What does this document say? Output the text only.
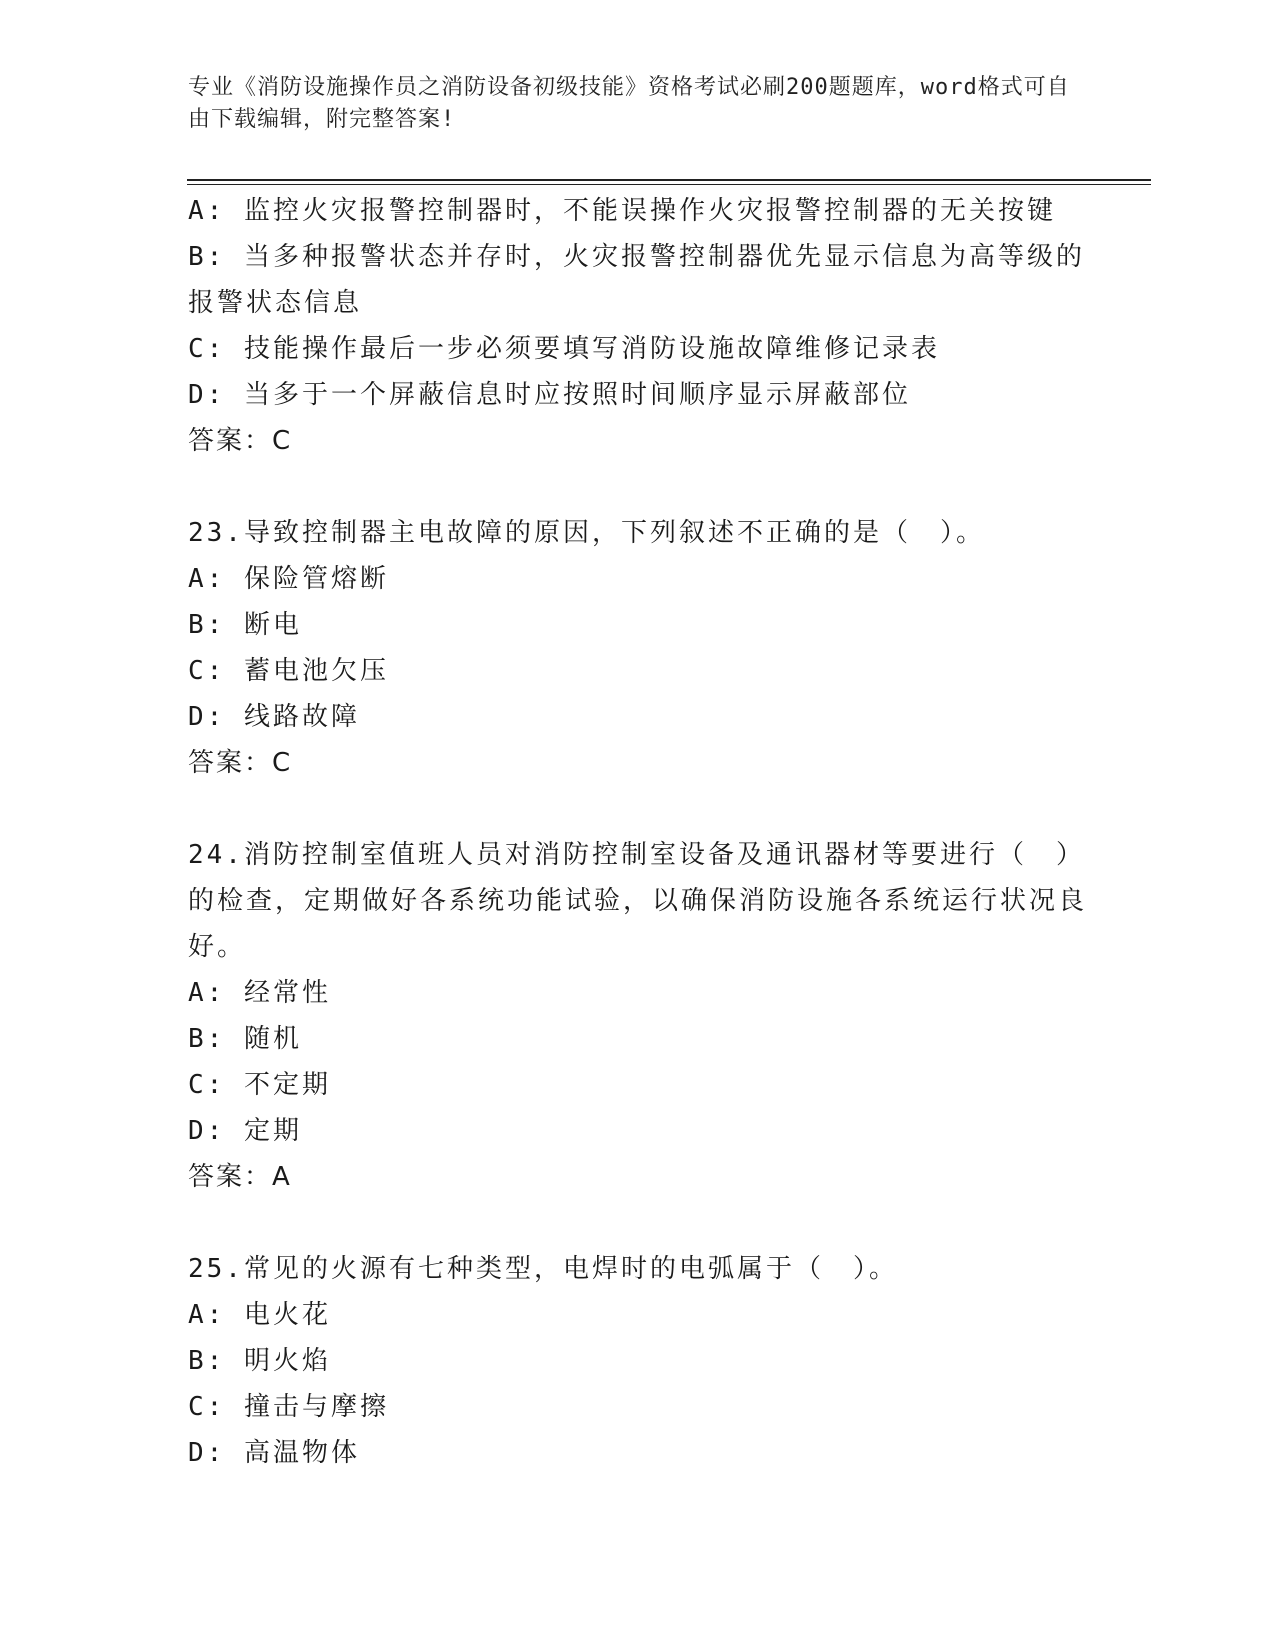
专业《消防设施操作员之消防设备初级技能》资格考试必刷200题题库，word格式可自由下载编辑，附完整答案!
A: 监控火灾报警控制器时，不能误操作火灾报警控制器的无关按键
B: 当多种报警状态并存时，火灾报警控制器优先显示信息为高等级的报警状态信息
C: 技能操作最后一步必须要填写消防设施故障维修记录表
D: 当多于一个屏蔽信息时应按照时间顺序显示屏蔽部位
答案：C
23.导致控制器主电故障的原因，下列叙述不正确的是（　）。
A: 保险管熔断
B: 断电
C: 蓄电池欠压
D: 线路故障
答案：C
24.消防控制室值班人员对消防控制室设备及通讯器材等要进行（　）的检查，定期做好各系统功能试验，以确保消防设施各系统运行状况良好。
A: 经常性
B: 随机
C: 不定期
D: 定期
答案：A
25.常见的火源有七种类型，电焊时的电弧属于（　）。
A: 电火花
B: 明火焰
C: 撞击与摩擦
D: 高温物体
